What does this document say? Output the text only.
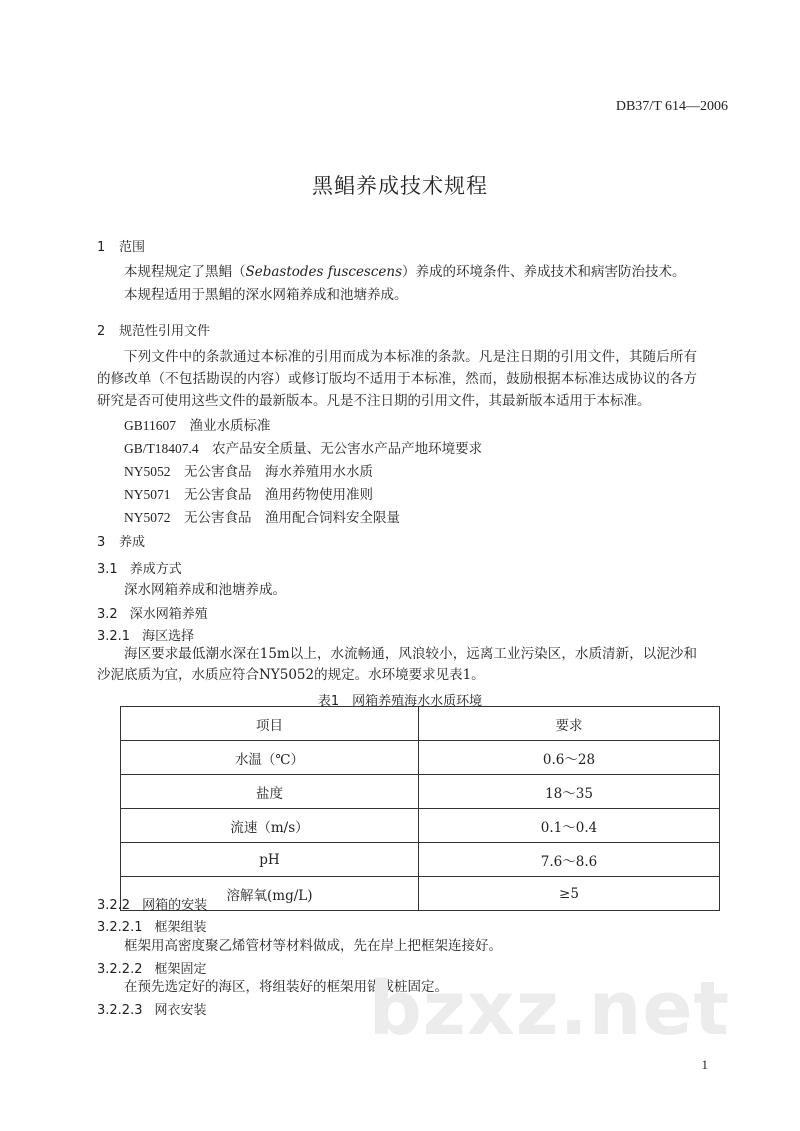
DB37/T 614—2006
黑鲳养成技术规程
1 范围
本规程规定了黑鲳（Sebastodes fuscescens）养成的环境条件、养成技术和病害防治技术。
本规程适用于黑鲳的深水网箱养成和池塘养成。
2 规范性引用文件
下列文件中的条款通过本标准的引用而成为本标准的条款。凡是注日期的引用文件，其随后所有的修改单（不包括勘误的内容）或修订版均不适用于本标准，然而，鼓励根据本标准达成协议的各方研究是否可使用这些文件的最新版本。凡是不注日期的引用文件，其最新版本适用于本标准。
GB11607　 渔业水质标准
GB/T18407.4　 农产品安全质量、无公害水产品产地环境要求
NY5052　 无公害食品　海水养殖用水水质
NY5071　 无公害食品　渔用药物使用准则
NY5072　 无公害食品　渔用配合饲料安全限量
3 养成
3.1 养成方式
深水网箱养成和池塘养成。
3.2 深水网箱养殖
3.2.1 海区选择
海区要求最低潮水深在15m以上，水流畅通，风浪较小，远离工业污染区，水质清新，以泥沙和沙泥底质为宜，水质应符合NY5052的规定。水环境要求见表1。
表1　网箱养殖海水水质环境
项目	要求
水温（℃）	0.6～28
盐度	18～35
流速（m/s）	0.1～0.4
pH	7.6～8.6
溶解氧(mg/L)	≥5
3.2.2 网箱的安装
3.2.2.1 框架组装
框架用高密度聚乙烯管材等材料做成，先在岸上把框架连接好。
3.2.2.2 框架固定
在预先选定好的海区，将组装好的框架用锚或桩固定。
3.2.2.3 网衣安装 bzxz.net
1
